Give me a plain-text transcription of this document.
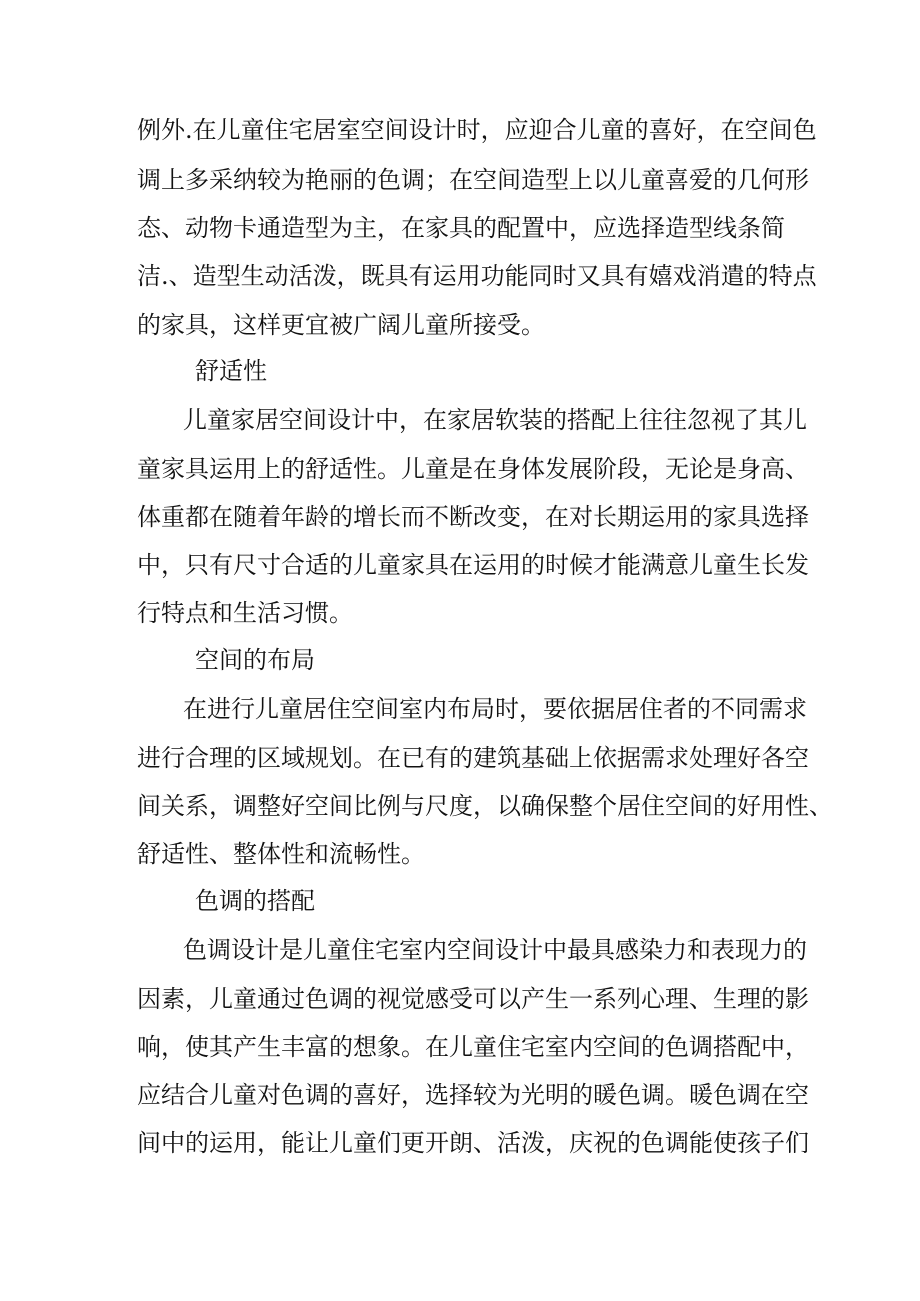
例外.在儿童住宅居室空间设计时，应迎合儿童的喜好，在空间色
调上多采纳较为艳丽的色调；在空间造型上以儿童喜爱的几何形
态、动物卡通造型为主，在家具的配置中，应选择造型线条简
洁.、造型生动活泼，既具有运用功能同时又具有嬉戏消遣的特点
的家具，这样更宜被广阔儿童所接受。
舒适性
儿童家居空间设计中，在家居软装的搭配上往往忽视了其儿
童家具运用上的舒适性。儿童是在身体发展阶段，无论是身高、
体重都在随着年龄的增长而不断改变，在对长期运用的家具选择
中，只有尺寸合适的儿童家具在运用的时候才能满意儿童生长发
行特点和生活习惯。
空间的布局
在进行儿童居住空间室内布局时，要依据居住者的不同需求
进行合理的区域规划。在已有的建筑基础上依据需求处理好各空
间关系，调整好空间比例与尺度，以确保整个居住空间的好用性、
舒适性、整体性和流畅性。
色调的搭配
色调设计是儿童住宅室内空间设计中最具感染力和表现力的
因素，儿童通过色调的视觉感受可以产生一系列心理、生理的影
响，使其产生丰富的想象。在儿童住宅室内空间的色调搭配中，
应结合儿童对色调的喜好，选择较为光明的暖色调。暖色调在空
间中的运用，能让儿童们更开朗、活泼，庆祝的色调能使孩子们
